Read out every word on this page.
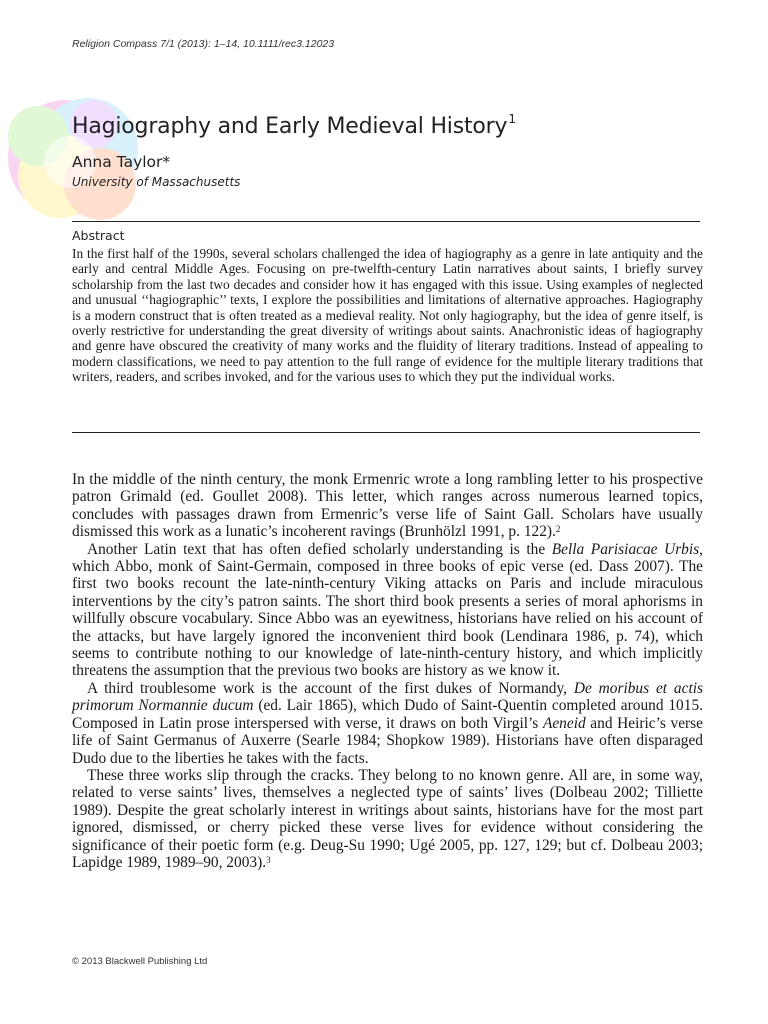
Religion Compass 7/1 (2013): 1–14, 10.1111/rec3.12023
Hagiography and Early Medieval History$^1$
Anna Taylor*
University of Massachusetts
Abstract

In the first half of the 1990s, several scholars challenged the idea of hagiography as a genre in late antiquity and the early and central Middle Ages. Focusing on pre-twelfth-century Latin narratives about saints, I briefly survey scholarship from the last two decades and consider how it has engaged with this issue. Using examples of neglected and unusual ‘‘hagiographic’’ texts, I explore the possibilities and limitations of alternative approaches. Hagiography is a modern construct that is often treated as a medieval reality. Not only hagiography, but the idea of genre itself, is overly restrictive for understanding the great diversity of writings about saints. Anachronistic ideas of hagiography and genre have obscured the creativity of many works and the fluidity of literary traditions. Instead of appealing to modern classifications, we need to pay attention to the full range of evidence for the multiple literary traditions that writers, readers, and scribes invoked, and for the various uses to which they put the individual works.

In the middle of the ninth century, the monk Ermenric wrote a long rambling letter to his prospective patron Grimald (ed. Goullet 2008). This letter, which ranges across numerous learned topics, concludes with passages drawn from Ermenric’s verse life of Saint Gall. Scholars have usually dismissed this work as a lunatic’s incoherent ravings (Brunhölzl 1991, p. 122).$^2$

Another Latin text that has often defied scholarly understanding is the Bella Parisiacae Urbis, which Abbo, monk of Saint-Germain, composed in three books of epic verse (ed. Dass 2007). The first two books recount the late-ninth-century Viking attacks on Paris and include miraculous interventions by the city’s patron saints. The short third book presents a series of moral aphorisms in willfully obscure vocabulary. Since Abbo was an eyewitness, historians have relied on his account of the attacks, but have largely ignored the inconvenient third book (Lendinara 1986, p. 74), which seems to contribute nothing to our knowledge of late-ninth-century history, and which implicitly threatens the assumption that the previous two books are history as we know it.

A third troublesome work is the account of the first dukes of Normandy, De moribus et actis primorum Normannie ducum (ed. Lair 1865), which Dudo of Saint-Quentin completed around 1015. Composed in Latin prose interspersed with verse, it draws on both Virgil’s Aeneid and Heiric’s verse life of Saint Germanus of Auxerre (Searle 1984; Shopkow 1989). Historians have often disparaged Dudo due to the liberties he takes with the facts.

These three works slip through the cracks. They belong to no known genre. All are, in some way, related to verse saints’ lives, themselves a neglected type of saints’ lives (Dolbeau 2002; Tilliette 1989). Despite the great scholarly interest in writings about saints, historians have for the most part ignored, dismissed, or cherry picked these verse lives for evidence without considering the significance of their poetic form (e.g. Deug-Su 1990; Ugé 2005, pp. 127, 129; but cf. Dolbeau 2003; Lapidge 1989, 1989–90, 2003).$^3$

© 2013 Blackwell Publishing Ltd
